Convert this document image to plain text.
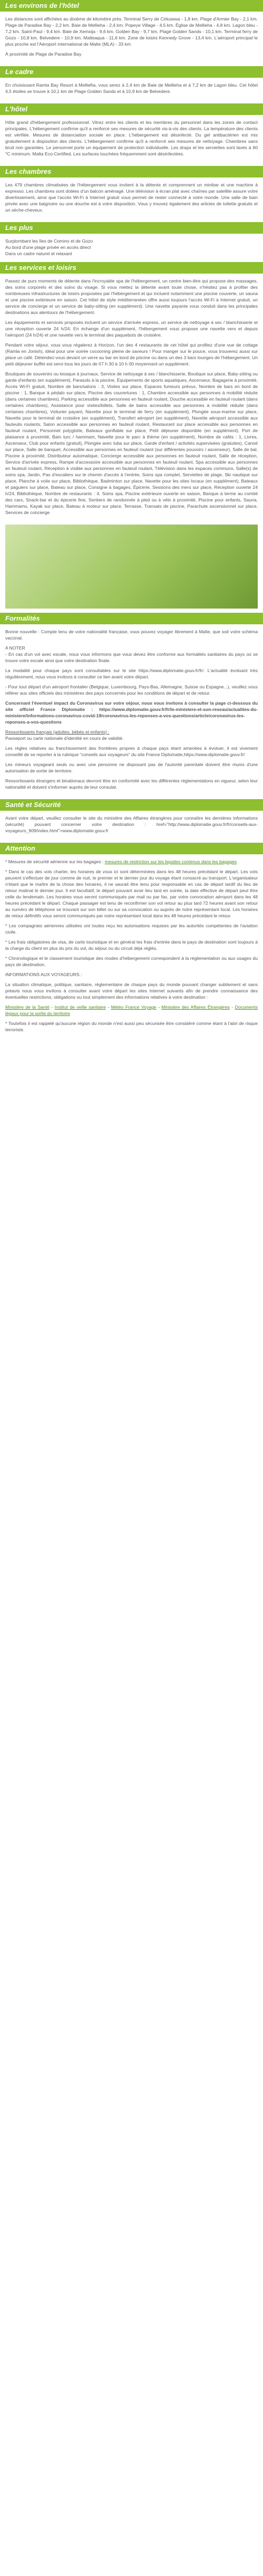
Les environs de l'hôtel

Les distances sont affichées au dixième de kilomètre près. Terminal Serry de Cirkuwwa - 1,8 km. Plage d'Armier Bay - 2,1 km. Plage de Paradise Bay - 2,2 km. Baie de Mellieha - 2,4 km. Popeye Village - 4,5 km. Église de Mellieha - 4,8 km. Lagon bleu - 7,2 km. Saint-Paul - 9,4 km. Baie de Xemxija - 9,6 km. Golden Bay - 9,7 km. Plage Golden Sands - 10,1 km. Terminal ferry de Gozo - 10,8 km. Belvedere - 10,9 km. Malteaqua - 11,6 km. Zone de loisirs Kennedy Grove - 13,4 km. L'aéroport principal le plus proche est l'Aéroport international de Malte (MLA) - 33 km

À proximité de Plage de Paradise Bay

Le cadre

En choisissant Ramla Bay Resort à Mellieħa, vous serez à 2,4 km de Baie de Mellieha et à 7,2 km de Lagon bleu. Cet hôtel 4,5 étoiles se trouve à 10,1 km de Plage Golden Sands et à 10,9 km de Belvedere.

L'hôtel

Hôte grand d'hébergement professionnel. Vitrez entre les clients et les membres du personnel dans les zones de contact principales. L'hébergement confirme qu'il a renforcé ses mesures de sécurité vis-à-vis des clients. La température des clients est vérifiée. Mesures de distanciation sociale en place. L'hébergement est désinfecté. Du gel antibactérien est mis gratuitement à disposition des clients. L'hébergement confirme qu'il a renforcé ses mesures de nettoyage. Chambres sans bruit non garanties. Le personnel porte un équipement de protection individuelle. Les draps et les serviettes sont lavés à 60 °C minimum. Malta Eco-Certified. Les surfaces touchées fréquemment sont désinfectées.

Les chambres

Les 479 chambres climatisées de l'hébergement vous invitent à la détente et comprennent un minibar et une machine à expresso. Les chambres sont dotées d'un balcon aménagé. Une télévision à écran plat avec chaînes par satellite assure votre divertissement, ainsi que l'accès Wi-Fi à Internet gratuit vous permet de rester connecté à votre monde. Une salle de bain privée avec une baignoire ou une douche est à votre disposition. Vous y trouvez également des articles de toilette gratuits et un sèche-cheveux.

Les plus

Surplombant les îles de Comino et de Gozo

Au bord d'une plage privée en accès direct

Dans un cadre naturel et relaxant

Les services et loisirs

Passez de purs moments de détente dans l'incroyable spa de l'hébergement, un centre bien-être qui propose des massages, des soins corporels et des soins du visage. Si vous mettez la détente avant toute chose, n'hésitez pas à profiter des nombreuses infrastructures de loisirs proposées par l'hébergement et qui incluent notamment une piscine couverte, un sauna et une piscine extérieure en saison. Cet hôtel de style méditerranéen offre aussi toujours l'accès Wi-Fi à Internet gratuit, un service de concierge et un service de baby-sitting (en supplément). Une navette payante vous conduit dans les principales destinations aux alentours de l'hébergement.

Les équipements et services proposés incluent un service d'arrivée express, un service de nettoyage à sec / blanchisserie et une réception ouverte 24 h/24. En échange d'un supplément, l'hébergement vous propose une navette vers et depuis l'aéroport (24 h/24) et une navette vers le terminal des paquebots de croisière.

Pendant votre séjour, vous vous régalerez à Horizon, l'un des 4 restaurants de cet hôtel qui profitez d'une vue de cottage (Ramla en Jonish), idéal pour une soirée cocooning pleine de saveurs ! Pour manger sur le pouce, vous trouverez aussi sur place un café. Détendez-vous devant un verre au bar en bord de piscine ou dans un des 3 bars lounges de l'hébergement. Un petit déjeuner buffet est servi tous les jours de 07 h 30 à 10 h 00 moyennant un supplément.

Boutiques de souvenirs ou kiosque à journaux, Service de nettoyage à sec / blanchisserie, Boutique sur place, Baby-sitting ou garde d'enfants (en supplément), Parasols à la piscine, Équipements de sports aquatiques, Ascenseur, Bagagerie à proximité, Accès Wi-Fi gratuit, Nombre de bars/salons : 3, Visites sur place, Espaces fumeurs prévus, Nombre de bars en bord de piscine : 1, Banque à pédalo sur place, Piscine des couvertures : 1, Chambre accessible aux personnes à mobilité réduite (dans certaines chambres), Parking accessible aux personnes en fauteuil roulant, Douche accessible en fauteuil roulant (dans certaines chambres), Assistance pour visites/billets, Salle de bains accessible aux personnes à mobilité réduite (dans certaines chambres), Voiturier payant, Navette pour le terminal de ferry (en supplément), Plongée sous-marine sur place, Navette pour le terminal de croisière (en supplément), Transfert aéroport (en supplément), Navette aéroport accessible aux fauteuils roulants, Salon accessible aux personnes en fauteuil roulant, Restaurant sur place accessible aux personnes en fauteuil roulant, Personnel polyglotte, Bateaux gonflable sur place, Petit déjeuner disponible (en supplément), Port de plaisance à proximité, Bain turc / hammam, Navette pour le parc à thème (en supplément), Nombre de cafés : 1, Livres, Ascenseur, Club pour enfants (gratuit), Plongée avec tuba sur place, Garde d'enfant / activités supervisées (gratuites), Canoë sur place, Salle de banquet, Accessible aux personnes en fauteuil roulant (sur différentes pouvoirs / ascenseur), Salle de bal, Piscine à proximité, Distributeur automatique, Concierge accessible aux personnes en fauteuil roulant, Salle de réception, Service d'arrivée express, Rampe d'accessoire accessible aux personnes en fauteuil roulant, Spa accessible aux personnes en fauteuil roulant, Réception à visible aux personnes en fauteuil roulant, Télévision dans les espaces communs, Salle(s) de soins spa, Jardin, Pas d'escaliers sur le chemin d'accès à l'entrée, Soins spa complet, Serviettes de plage, Ski nautique sur place, Planche à voile sur place, Bibliothèque, Badminton sur place, Navette pour les sites locaux (en supplément), Bateaux et paguiers sur place, Bateau sur place, Consigne à bagages, Épicerie, Sessions des mers sur place, Réception ouverte 24 h/24, Bibliothèque, Nombre de restaurants : 4, Soins spa, Piscine extérieure ouverte en saison, Banque à terme au comité des cars, Snack-bar et du épicerie fine, Sentiers de randonnée à pied ou à vélo à proximité, Piscine pour enfants, Sauna, Hammams, Kayak sur place, Bateau à moteur sur place, Terrasse, Transats de piscine, Parachute ascensionnel sur place, Services de concierge

Formalités

Bonne nouvelle : Compte tenu de votre nationalité française, vous pouvez voyager librement à Malte, que soit votre schéma vaccinal.

A NOTER

- En cas d'un vol avec escale, nous vous informons que vous devez être conforme aux formalités sanitaires du pays où se trouve votre escale ainsi que votre destination finale.

La modalité pour chaque pays sont consultables sur le site https://www.diplomatie.gouv.fr/fr/. L'actualité évoluant très régulièrement, nous vous invitons à consulter ce lien avant votre départ.

- Pour tout départ d'un aéroport frontalier (Belgique, Luxembourg, Pays-Bas, Allemagne, Suisse ou Espagne...), veuillez vous référer aux sites officiels des ministères des pays concernés pour les conditions de départ et de retour.

Concernant l'éventuel impact du Coronavirus sur votre séjour, nous vous invitons à consulter la page ci-dessous du site officiel France Diplomatie : https://www.diplomatie.gouv.fr/fr/le-ministere-et-son-reseau/actualites-du-ministere/informations-coronavirus-covid-19/coronavirus-les-reponses-a-vos-questions/article/coronavirus-les-reponses-a-vos-questions

Ressortissants français (adultes, bébés et enfants) :

Passeport ou carte nationale d'identité en cours de validité.

Les règles relatives au franchissement des frontières propres à chaque pays étant amenées à évoluer, il est vivement conseillé de se reporter à la rubrique "conseils aux voyageurs" du site France Diplomatie,https://www.diplomatie.gouv.fr/

Les mineurs voyageant seuls ou avec une personne ne disposant pas de l'autorité parentale doivent être munis d'une autorisation de sortie de territoire.

Ressortissants étrangers et binationaux devront être en conformité avec les différentes réglementations en vigueur, selon leur nationalité et doivent s'informer auprès de leur consulat.

Santé et Sécurité

Avant votre départ, veuillez consulter le site du ministère des Affaires étrangères pour connaître les dernières informations (sécurité) pouvant concerner votre destination : href="http://www.diplomatie.gouv.fr/fr/conseils-aux-voyageurs_909/index.html">www.diplomatie.gouv.fr

Attention

* Mesures de sécurité aérienne sur les bagages : mesures de restriction sur les liquides contenus dans les bagages

* Dans le cas des vols charter, les horaires de vous ici sont déterminées dans les 48 heures précédant le départ. Les vols peuvent s'effectuer de jour comme de nuit, le premier et le dernier jour du voyage étant consacré au transport. L'organisateur n'étant que le maître de la chose des horaires, il ne saurait être tenu pour responsable en cas de départ tardif du lieu de retour matinal le dernier jour. Il est facultatif, le départ pouvant avoir lieu tard en soirée, la date effective de départ peut être celle du lendemain. Les horaires vous seront communiqués par mail ou par fax, par votre convocation aéroport dans les 48 heures précédant le départ. Chaque passager est tenu de reconfirmer son vol retour au plus tard 72 heures avant son retour au numéro de téléphone se trouvant sur son billet ou sur sa convocation ou auprès de notre représentant local. Les horaires de retour définitifs vous seront communiqués par notre représentant local dans les 48 heures précédant le retour.

* Les compagnies aériennes utilisées ont toutes reçu les autorisations requises par les autorités compétentes de l'aviation civile.

* Les frais obligatoires de visa, de carte touristique et en général les frais d'entrée dans le pays de destination sont toujours à la charge du client en plus du prix du vol, du séjour ou du circuit déjà réglés.

* Chronologique et le classement touristique des modes d'hébergement correspondent à la réglementation ou aux usages du pays de destination.

INFORMATIONS AUX VOYAGEURS :

La situation climatique, politique, sanitaire, réglementaire de chaque pays du monde pouvant changer subitement et sans préavis nous vous invitons à consulter avant votre départ les sites Internet suivants afin de prendre connaissance des éventuelles restrictions, obligations ou tout simplement des informations relatives à votre destination :

Ministère de la Santé - Institut de veille sanitaire - Météo France Voyage - Ministère des Affaires Étrangères - Documents légaux pour la sortie du territoire

* Toutefois il est rappelé qu'aucune région du monde n'est aussi peu sécurisée être considéré comme étant à l'abri de risque terroriste.
